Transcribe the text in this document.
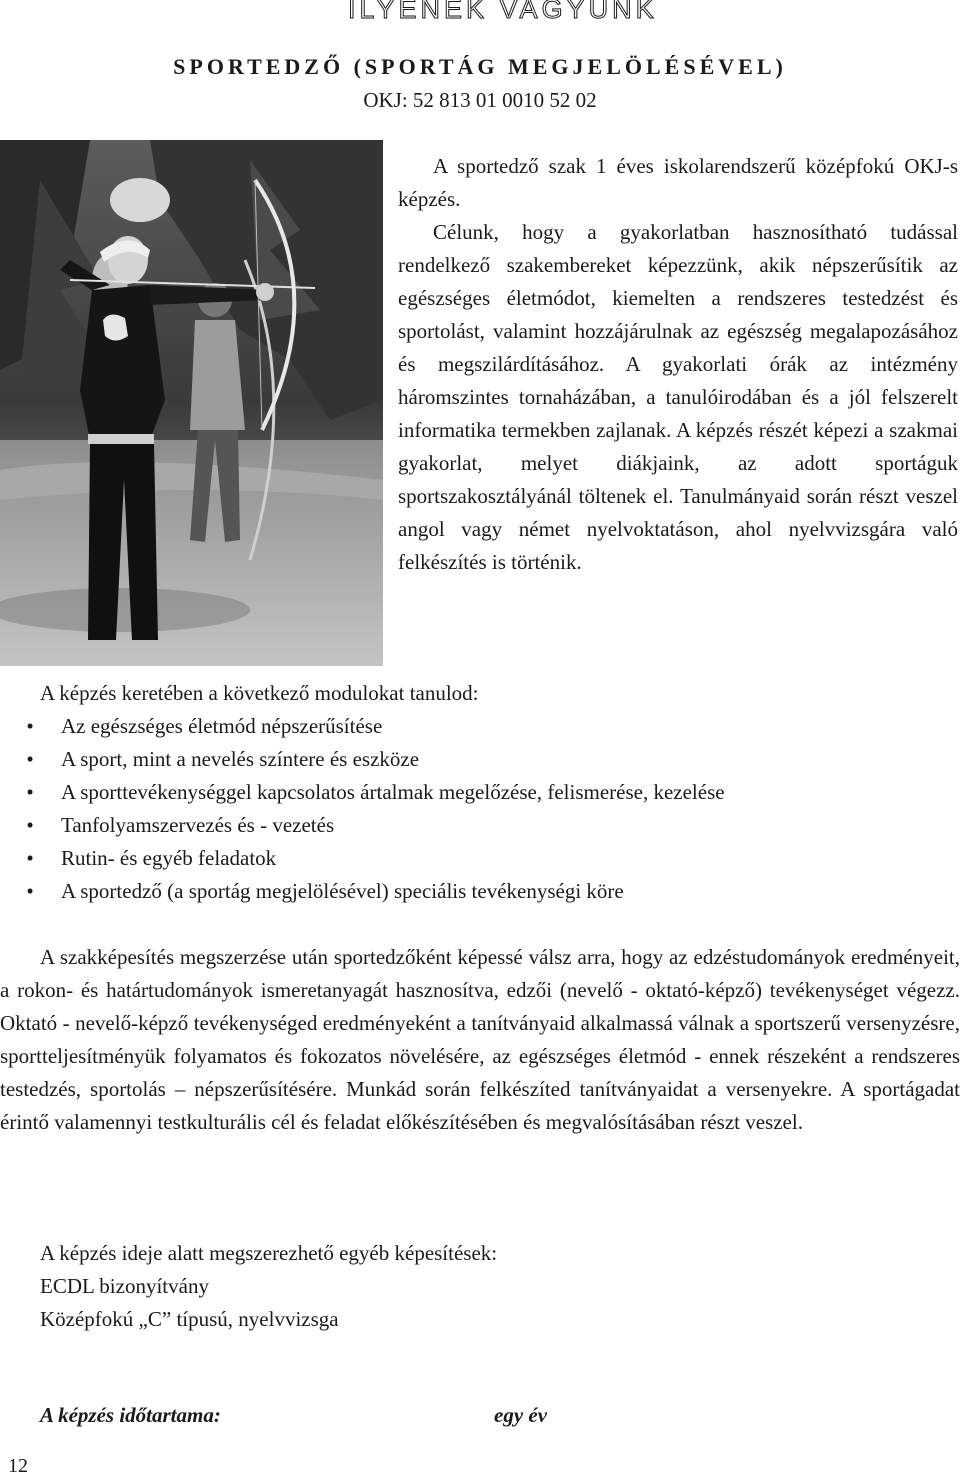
ILYENEK VAGYUNK
SPORTEDZŐ (SPORTÁG MEGJELÖLÉSÉVEL)
OKJ: 52 813 01 0010 52 02

A sportedző szak 1 éves iskolarendszerű középfokú OKJ-s képzés.

Célunk, hogy a gyakorlatban hasznosítható tudással rendelkező szakembereket képezzünk, akik népszerűsítik az egészséges életmódot, kiemelten a rendszeres testedzést és sportolást, valamint hozzájárulnak az egészség megalapozásához és megszilárdításához. A gyakorlati órák az intézmény háromszintes tornaházában, a tanulóirodában és a jól felszerelt informatika termekben zajlanak. A képzés részét képezi a szakmai gyakorlat, melyet diákjaink, az adott sportáguk sportszakosztályánál töltenek el. Tanulmányaid során részt veszel angol vagy német nyelvoktatáson, ahol nyelvvizsgára való felkészítés is történik.

A képzés keretében a következő modulokat tanulod:
•	Az egészséges életmód népszerűsítése
•	A sport, mint a nevelés színtere és eszköze
•	A sporttevékenységgel kapcsolatos ártalmak megelőzése, felismerése, kezelése
•	Tanfolyamszervezés és - vezetés
•	Rutin- és egyéb feladatok
•	A sportedző (a sportág megjelölésével) speciális tevékenységi köre

A szakképesítés megszerzése után sportedzőként képessé válsz arra, hogy az edzéstudományok eredményeit, a rokon- és határtudományok ismeretanyagát hasznosítva, edzői (nevelő - oktató-képző) tevékenységet végezz. Oktató - nevelő-képző tevékenységed eredményeként a tanítványaid alkalmassá válnak a sportszerű versenyzésre, sportteljesítményük folyamatos és fokozatos növelésére, az egészséges életmód - ennek részeként a rendszeres testedzés, sportolás – népszerűsítésére. Munkád során felkészíted tanítványaidat a versenyekre. A sportágadat érintő valamennyi testkulturális cél és feladat előkészítésében és megvalósításában részt veszel.

A képzés ideje alatt megszerezhető egyéb képesítések:
ECDL bizonyítvány
Középfokú „C” típusú, nyelvvizsga
A képzés időtartama:	egy év
12
